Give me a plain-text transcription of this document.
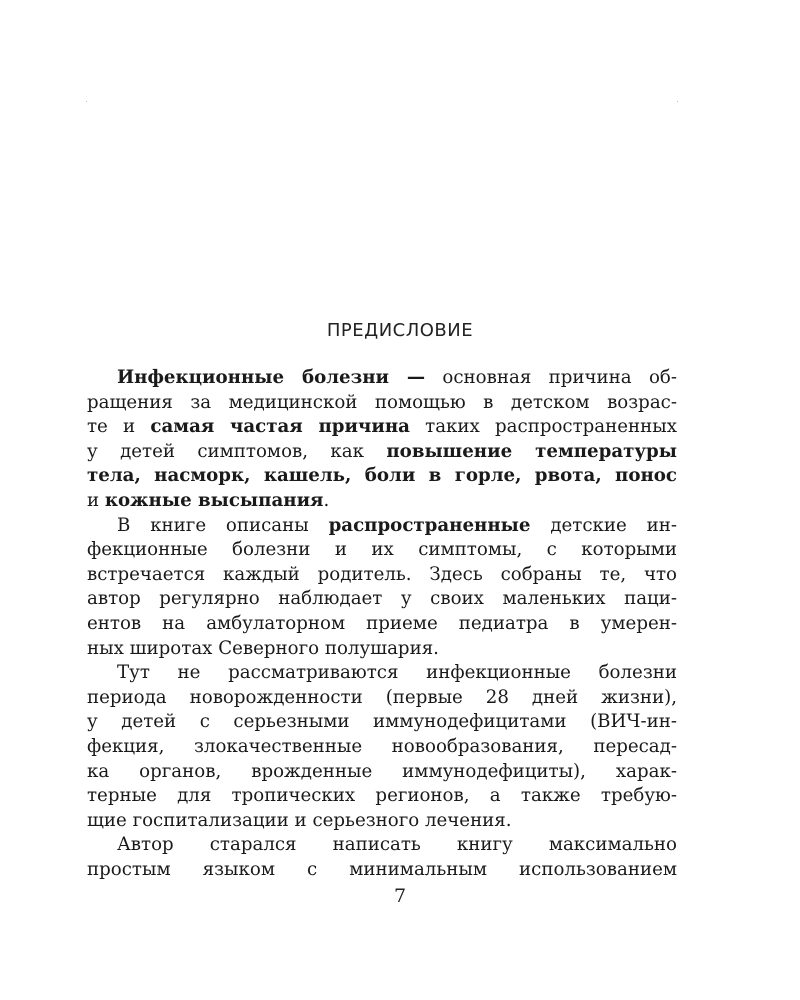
ПРЕДИСЛОВИЕ
Инфекционные болезни — основная причина об-
ращения за медицинской помощью в детском возрас-
те и самая частая причина таких распространенных
у детей симптомов, как повышение температуры
тела, насморк, кашель, боли в горле, рвота, понос
и кожные высыпания.
В книге описаны распространенные детские ин-
фекционные болезни и их симптомы, с которыми
встречается каждый родитель. Здесь собраны те, что
автор регулярно наблюдает у своих маленьких паци-
ентов на амбулаторном приеме педиатра в умерен-
ных широтах Северного полушария.
Тут не рассматриваются инфекционные болезни
периода новорожденности (первые 28 дней жизни),
у детей с серьезными иммунодефицитами (ВИЧ-ин-
фекция, злокачественные новообразования, пересад-
ка органов, врожденные иммунодефициты), харак-
терные для тропических регионов, а также требую-
щие госпитализации и серьезного лечения.
Автор старался написать книгу максимально
простым языком с минимальным использованием
7
